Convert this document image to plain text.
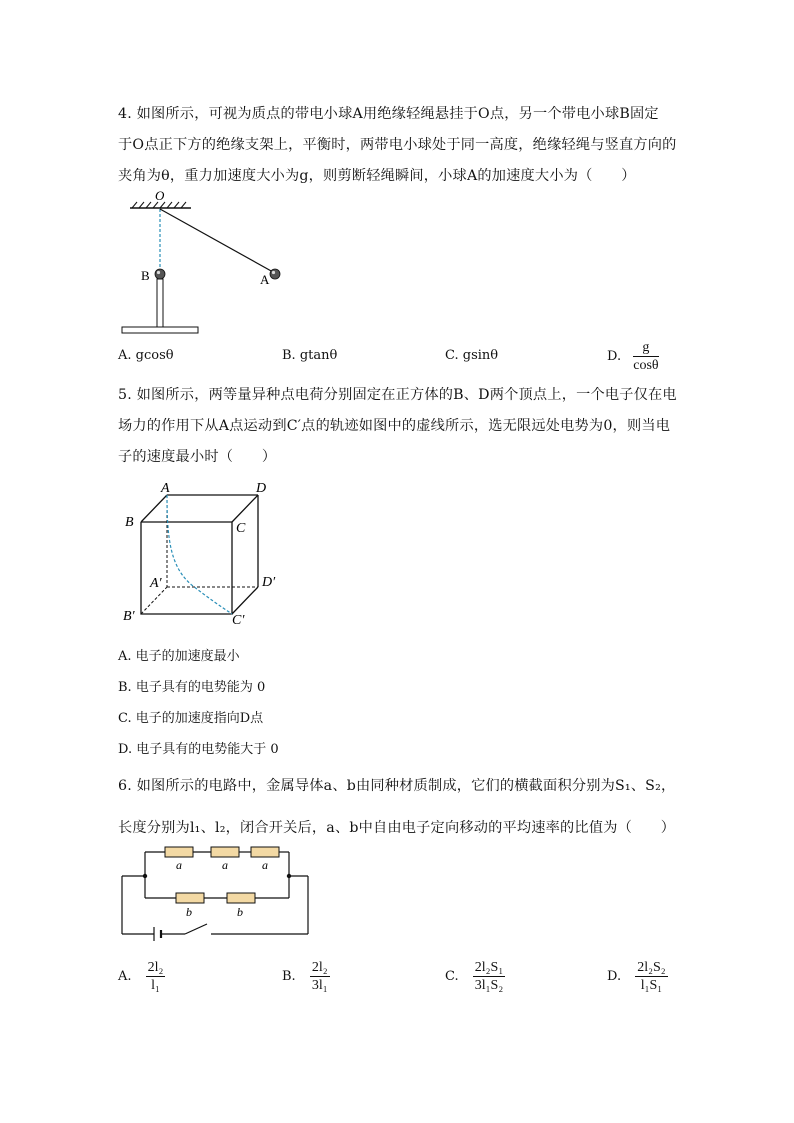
4. 如图所示，可视为质点的带电小球A用绝缘轻绳悬挂于O点，另一个带电小球B固定
于O点正下方的绝缘支架上，平衡时，两带电小球处于同一高度，绝缘轻绳与竖直方向的
夹角为θ，重力加速度大小为g，则剪断轻绳瞬间，小球A的加速度大小为（　　）
O
A
B
A. gcosθ	B. gtanθ	C. gsinθ	D. $\frac{g}{\cos\theta}$
5. 如图所示，两等量异种点电荷分别固定在正方体的B、D两个顶点上，一个电子仅在电
场力的作用下从A点运动到C′点的轨迹如图中的虚线所示，选无限远处电势为0，则当电
子的速度最小时（　　）
A	D
B	C
A′	D′
B′	C′
A. 电子的加速度最小
B. 电子具有的电势能为 0
C. 电子的加速度指向D点
D. 电子具有的电势能大于 0
6. 如图所示的电路中，金属导体a、b由同种材质制成，它们的横截面积分别为S₁、S₂，
长度分别为l₁、l₂，闭合开关后，a、b中自由电子定向移动的平均速率的比值为（　　）
a	a	a
b	b
A. $\frac{\text{2l₂}}{\text{l₁}}$	B. $\frac{\text{2l₂}}{\text{3l₁}}$	C. $\frac{\text{2l₂S₁}}{\text{3l₁S₂}}$	D. $\frac{\text{2l₂S₂}}{\text{l₁S₁}}$
